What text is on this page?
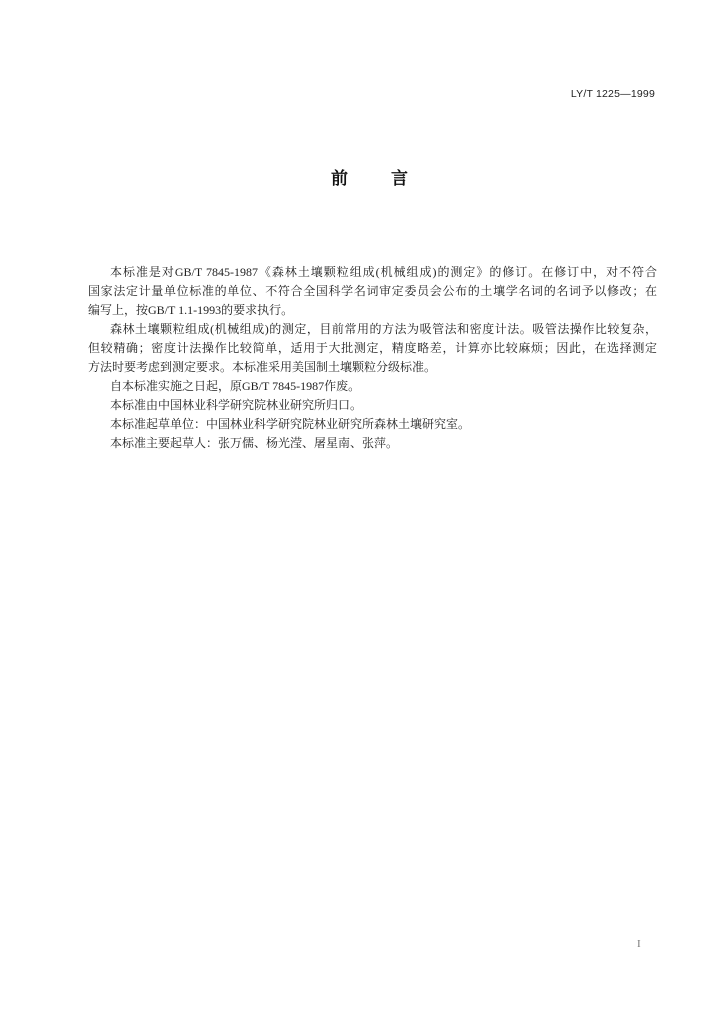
LY/T 1225—1999
前　言
本标准是对GB/T 7845-1987《森林土壤颗粒组成(机械组成)的测定》的修订。在修订中，对不符合
国家法定计量单位标准的单位、不符合全国科学名词审定委员会公布的土壤学名词的名词予以修改；在
编写上，按GB/T 1.1-1993的要求执行。
森林土壤颗粒组成(机械组成)的测定，目前常用的方法为吸管法和密度计法。吸管法操作比较复杂，
但较精确；密度计法操作比较简单，适用于大批测定，精度略差，计算亦比较麻烦；因此，在选择测定
方法时要考虑到测定要求。本标准采用美国制土壤颗粒分级标准。
自本标准实施之日起，原GB/T 7845-1987作废。
本标准由中国林业科学研究院林业研究所归口。
本标准起草单位：中国林业科学研究院林业研究所森林土壤研究室。
本标准主要起草人：张万儒、杨光滢、屠星南、张萍。
I
